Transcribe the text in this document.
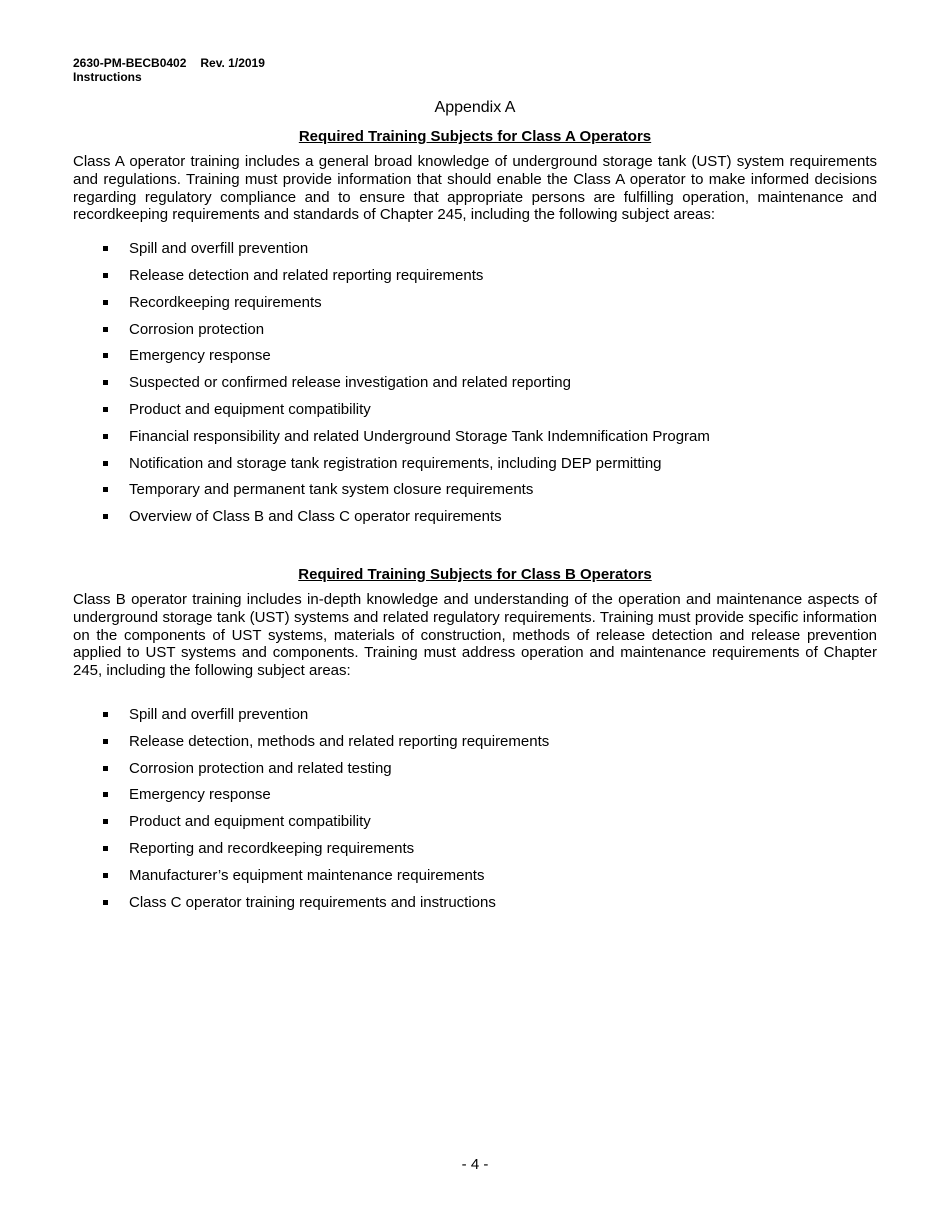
2630-PM-BECB0402 Rev. 1/2019
Instructions
Appendix A
Required Training Subjects for Class A Operators

Class A operator training includes a general broad knowledge of underground storage tank (UST) system requirements and regulations. Training must provide information that should enable the Class A operator to make informed decisions regarding regulatory compliance and to ensure that appropriate persons are fulfilling operation, maintenance and recordkeeping requirements and standards of Chapter 245, including the following subject areas:

Spill and overfill prevention
Release detection and related reporting requirements
Recordkeeping requirements
Corrosion protection
Emergency response
Suspected or confirmed release investigation and related reporting
Product and equipment compatibility
Financial responsibility and related Underground Storage Tank Indemnification Program
Notification and storage tank registration requirements, including DEP permitting
Temporary and permanent tank system closure requirements
Overview of Class B and Class C operator requirements
Required Training Subjects for Class B Operators

Class B operator training includes in-depth knowledge and understanding of the operation and maintenance aspects of underground storage tank (UST) systems and related regulatory requirements. Training must provide specific information on the components of UST systems, materials of construction, methods of release detection and release prevention applied to UST systems and components. Training must address operation and maintenance requirements of Chapter 245, including the following subject areas:

Spill and overfill prevention
Release detection, methods and related reporting requirements
Corrosion protection and related testing
Emergency response
Product and equipment compatibility
Reporting and recordkeeping requirements
Manufacturer’s equipment maintenance requirements
Class C operator training requirements and instructions
- 4 -
